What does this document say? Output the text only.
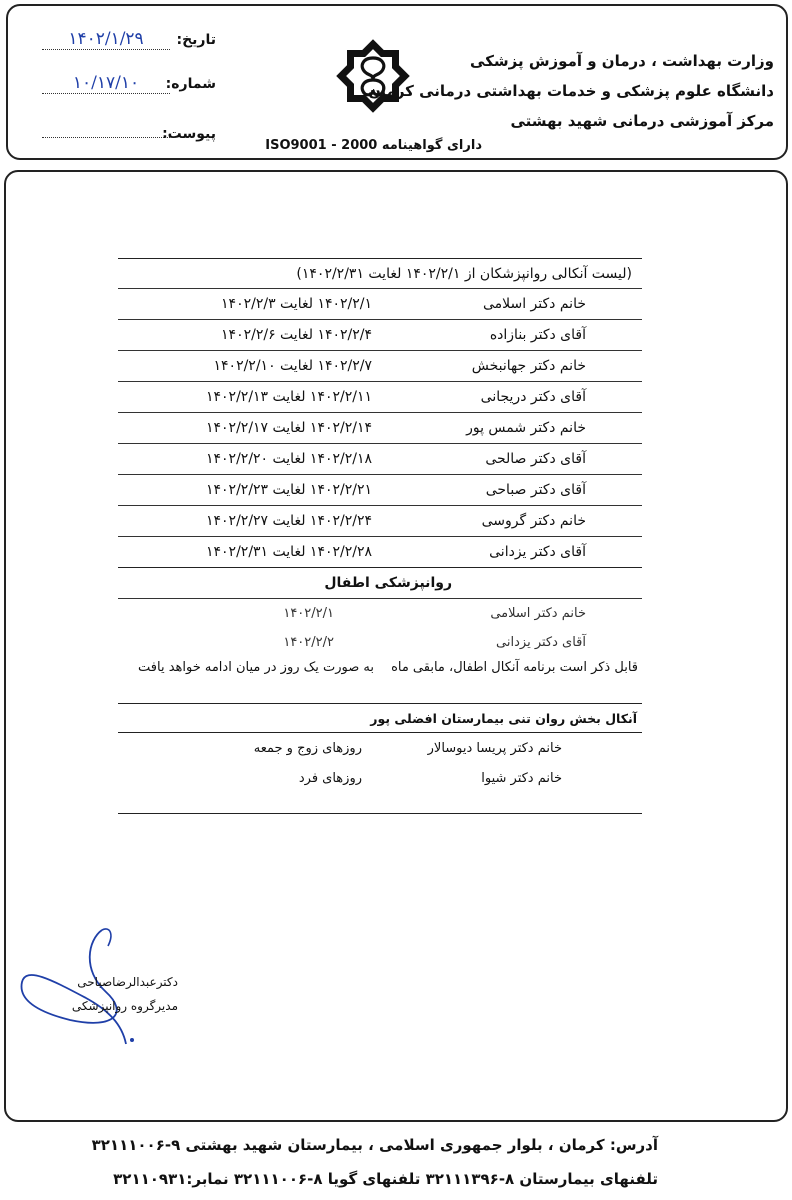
تاریخ:
۱۴۰۲/۱/۲۹
شماره:
۱۰/۱۷/۱۰
پیوست:
دارای گواهینامه 2000 - ISO9001
وزارت بهداشت ، درمان و آموزش پزشکی
دانشگاه علوم پزشکی و خدمات بهداشتی درمانی کرمان
مرکز آموزشی درمانی شهید بهشتی
(لیست آنکالی روانپزشکان از ۱۴۰۲/۲/۱ لغایت ۱۴۰۲/۲/۳۱)
خانم دکتر اسلامی
۱۴۰۲/۲/۱ لغایت ۱۴۰۲/۲/۳
آقای دکتر بنازاده
۱۴۰۲/۲/۴ لغایت ۱۴۰۲/۲/۶
خانم دکتر جهانبخش
۱۴۰۲/۲/۷ لغایت ۱۴۰۲/۲/۱۰
آقای دکتر دریجانی
۱۴۰۲/۲/۱۱ لغایت ۱۴۰۲/۲/۱۳
خانم دکتر شمس پور
۱۴۰۲/۲/۱۴ لغایت ۱۴۰۲/۲/۱۷
آقای دکتر صالحی
۱۴۰۲/۲/۱۸ لغایت ۱۴۰۲/۲/۲۰
آقای دکتر صباحی
۱۴۰۲/۲/۲۱ لغایت ۱۴۰۲/۲/۲۳
خانم دکتر گروسی
۱۴۰۲/۲/۲۴ لغایت ۱۴۰۲/۲/۲۷
آقای دکتر یزدانی
۱۴۰۲/۲/۲۸ لغایت ۱۴۰۲/۲/۳۱
روانپزشکی اطفال
خانم دکتر اسلامی
۱۴۰۲/۲/۱
آقای دکتر یزدانی
۱۴۰۲/۲/۲
قابل ذکر است برنامه آنکال اطفال، مابقی ماه
به صورت یک روز در میان ادامه خواهد یافت
آنکال بخش روان تنی بیمارستان افضلی پور
خانم دکتر پریسا دیوسالار
روزهای زوج و جمعه
خانم دکتر شیوا
روزهای فرد
دکترعبدالرضاصباحی
مدیرگروه روانپزشکی
آدرس: کرمان ، بلوار جمهوری اسلامی ، بیمارستان شهید بهشتی ۹-۳۲۱۱۱۰۰۶
تلفنهای بیمارستان ۸-۳۲۱۱۱۳۹۶ تلفنهای گویا ۸-۳۲۱۱۱۰۰۶ نمابر:۳۲۱۱۰۹۳۱
